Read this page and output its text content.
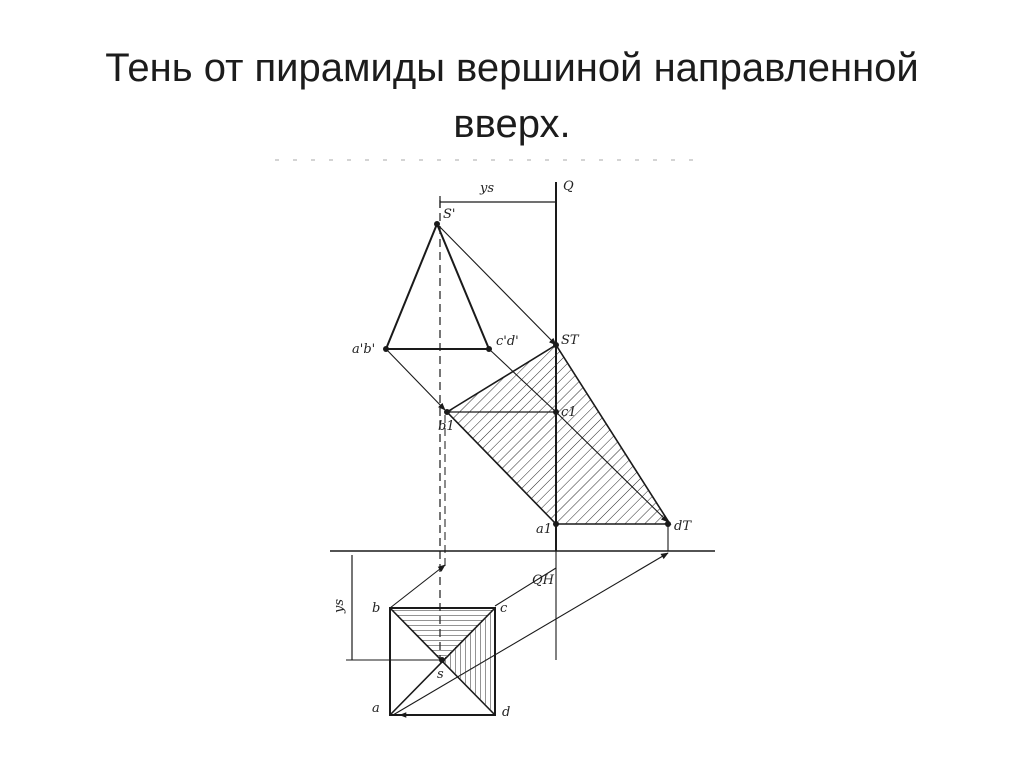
Тень от пирамиды вершиной направленной
вверх.
ys	Q
S'
a'b'
c'd'	ST
b1
c1
a1	dT
QH
ys b	c
s
a	d
